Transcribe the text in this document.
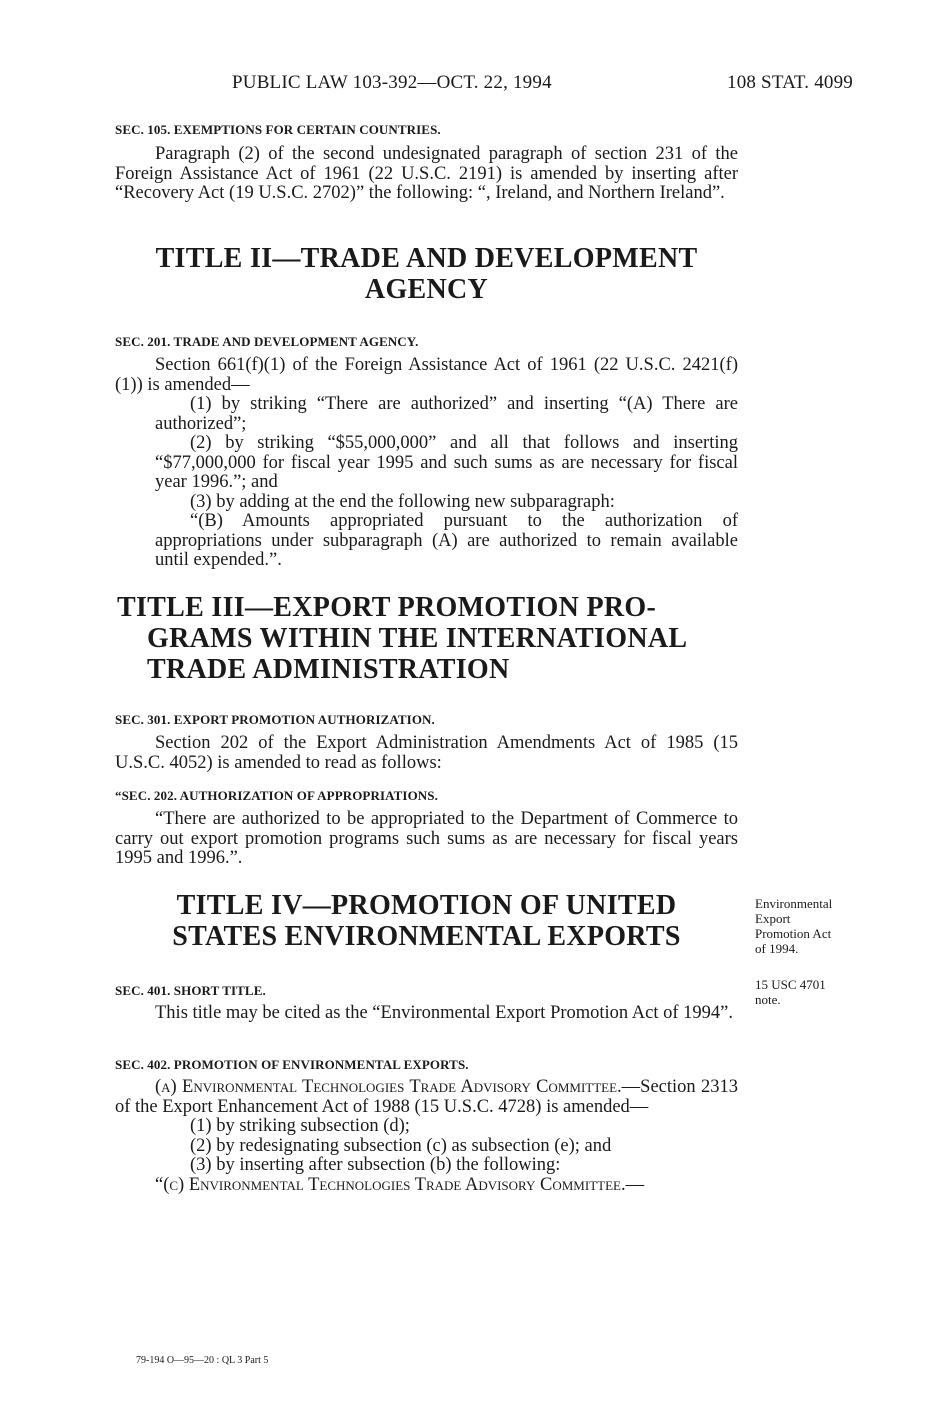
PUBLIC LAW 103-392—OCT. 22, 1994	108 STAT. 4099
SEC. 105. EXEMPTIONS FOR CERTAIN COUNTRIES.

Paragraph (2) of the second undesignated paragraph of section 231 of the Foreign Assistance Act of 1961 (22 U.S.C. 2191) is amended by inserting after “Recovery Act (19 U.S.C. 2702)” the following: “, Ireland, and Northern Ireland”.

TITLE II—TRADE AND DEVELOPMENT

AGENCY

SEC. 201. TRADE AND DEVELOPMENT AGENCY.

Section 661(f)(1) of the Foreign Assistance Act of 1961 (22 U.S.C. 2421(f)(1)) is amended—

(1) by striking “There are authorized” and inserting “(A) There are authorized”;

(2) by striking “$55,000,000” and all that follows and inserting “$77,000,000 for fiscal year 1995 and such sums as are necessary for fiscal year 1996.”; and

(3) by adding at the end the following new subparagraph:

“(B) Amounts appropriated pursuant to the authorization of appropriations under subparagraph (A) are authorized to remain available until expended.”.

TITLE III—EXPORT PROMOTION PRO-

GRAMS WITHIN THE INTERNATIONAL

TRADE ADMINISTRATION

SEC. 301. EXPORT PROMOTION AUTHORIZATION.

Section 202 of the Export Administration Amendments Act of 1985 (15 U.S.C. 4052) is amended to read as follows:

“SEC. 202. AUTHORIZATION OF APPROPRIATIONS.

“There are authorized to be appropriated to the Department of Commerce to carry out export promotion programs such sums as are necessary for fiscal years 1995 and 1996.”.

TITLE IV—PROMOTION OF UNITED

STATES ENVIRONMENTAL EXPORTS

Environmental
Export
Promotion Act
of 1994.
15 USC 4701
note.
SEC. 401. SHORT TITLE.

This title may be cited as the “Environmental Export Promotion Act of 1994”.

SEC. 402. PROMOTION OF ENVIRONMENTAL EXPORTS.

(a) Environmental Technologies Trade Advisory Committee.—Section 2313 of the Export Enhancement Act of 1988 (15 U.S.C. 4728) is amended—

(1) by striking subsection (d);

(2) by redesignating subsection (c) as subsection (e); and

(3) by inserting after subsection (b) the following:

“(c) Environmental Technologies Trade Advisory Committee.—

79-194 O—95—20 : QL 3 Part 5
